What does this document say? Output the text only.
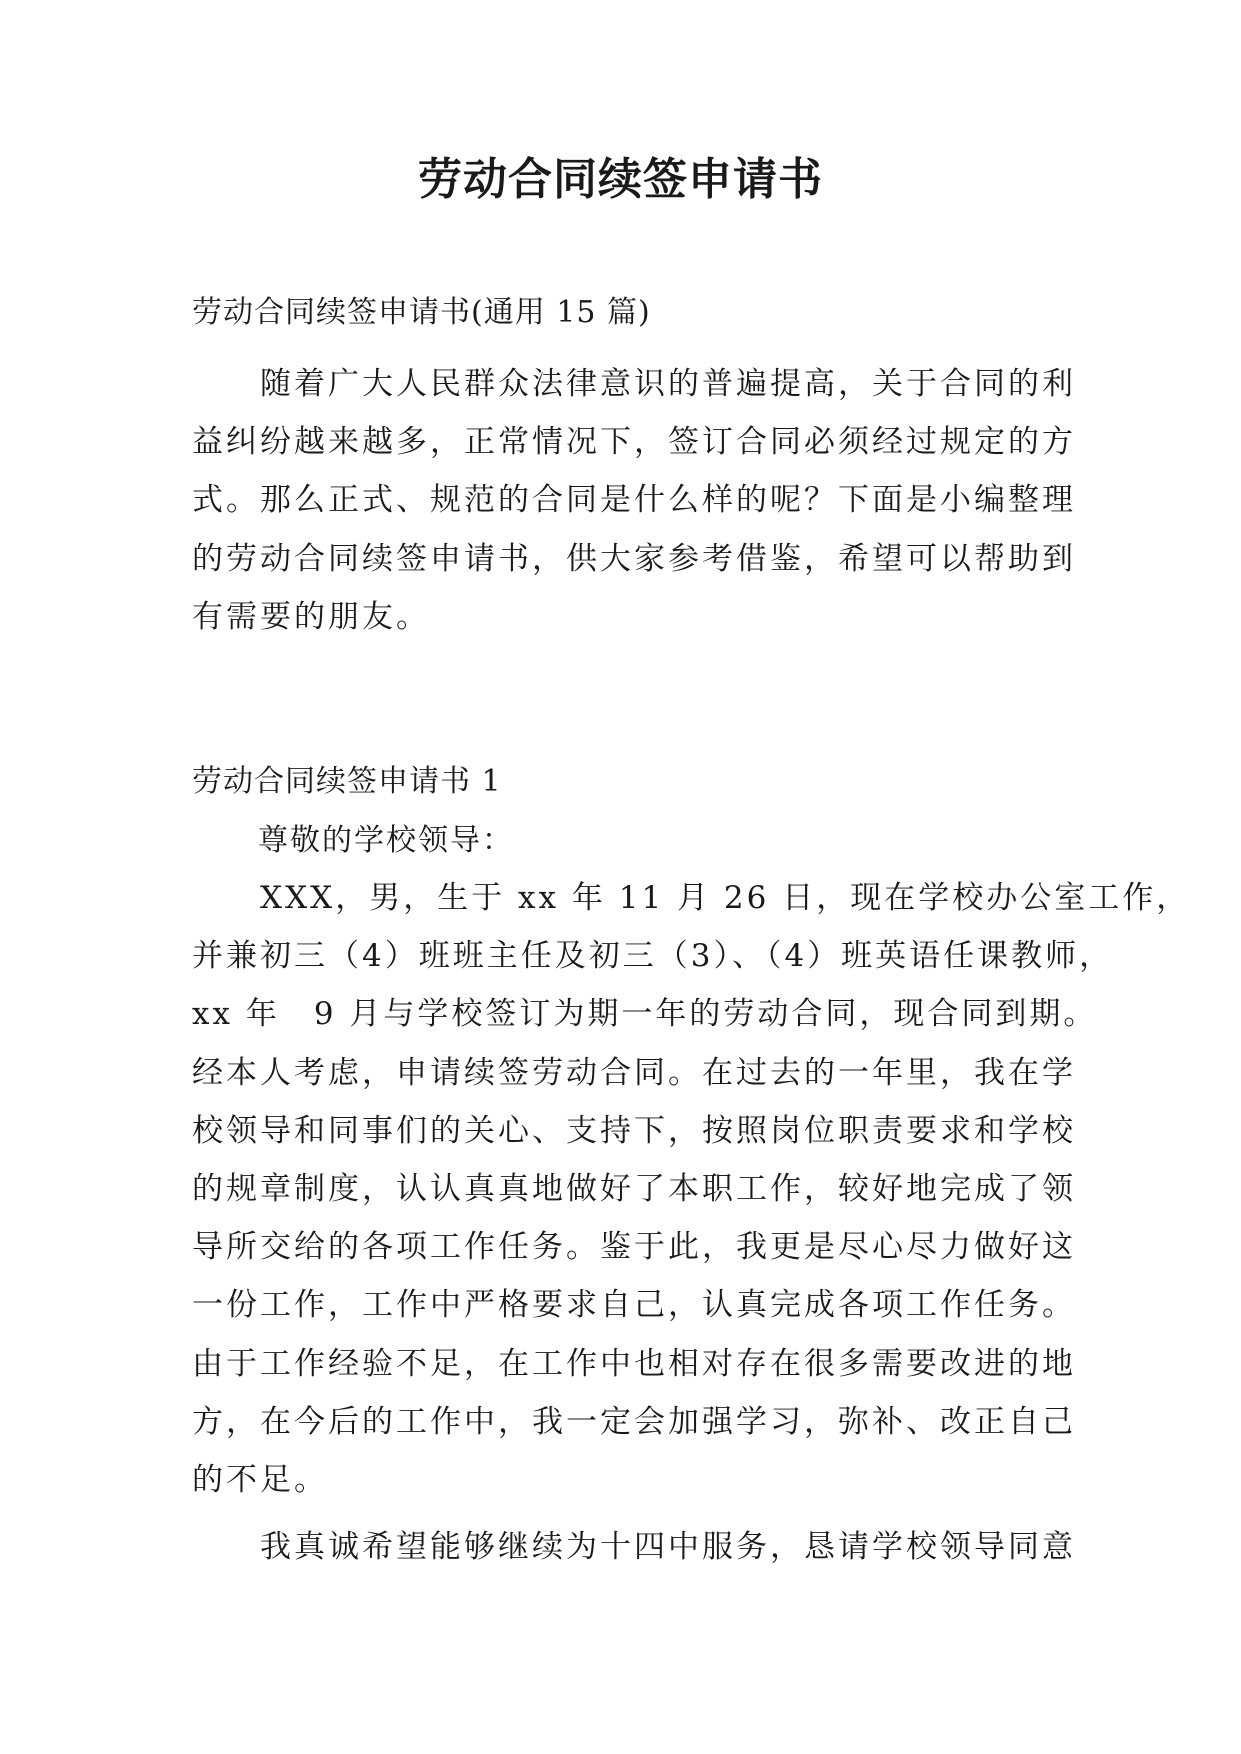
劳动合同续签申请书
劳动合同续签申请书(通用 15 篇)
　　随着广大人民群众法律意识的普遍提高，关于合同的利
益纠纷越来越多，正常情况下，签订合同必须经过规定的方
式。那么正式、规范的合同是什么样的呢？下面是小编整理
的劳动合同续签申请书，供大家参考借鉴，希望可以帮助到
有需要的朋友。
劳动合同续签申请书 1
尊敬的学校领导：
　　XXX，男，生于 xx 年 11 月 26 日，现在学校办公室工作，
并兼初三（4）班班主任及初三（3）、（4）班英语任课教师，
xx 年　9 月与学校签订为期一年的劳动合同，现合同到期。
经本人考虑，申请续签劳动合同。在过去的一年里，我在学
校领导和同事们的关心、支持下，按照岗位职责要求和学校
的规章制度，认认真真地做好了本职工作，较好地完成了领
导所交给的各项工作任务。鉴于此，我更是尽心尽力做好这
一份工作，工作中严格要求自己，认真完成各项工作任务。
由于工作经验不足，在工作中也相对存在很多需要改进的地
方，在今后的工作中，我一定会加强学习，弥补、改正自己
的不足。
　　我真诚希望能够继续为十四中服务，恳请学校领导同意
